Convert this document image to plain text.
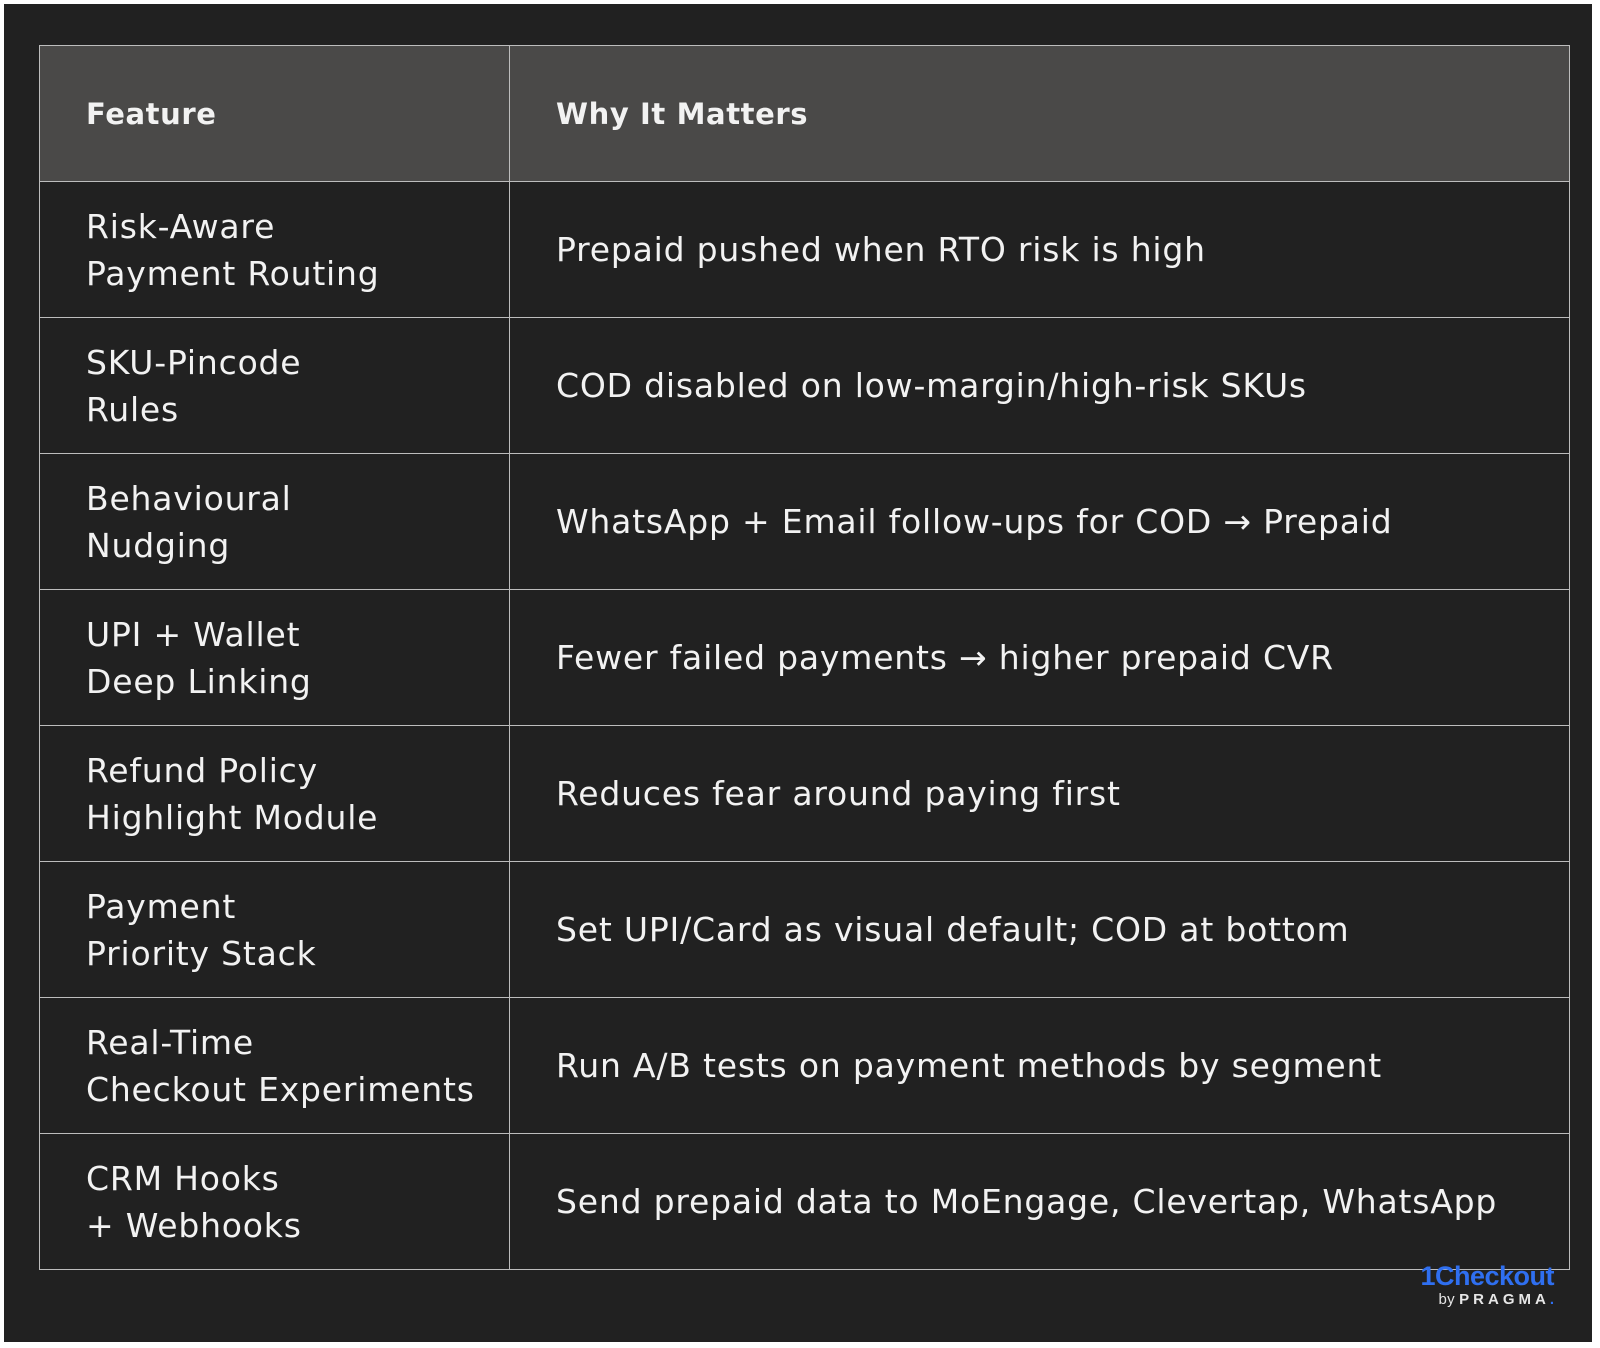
Feature	Why It Matters

Risk-Aware
Payment Routing	Prepaid pushed when RTO risk is high

SKU-Pincode
Rules	COD disabled on low-margin/high-risk SKUs

Behavioural
Nudging	WhatsApp + Email follow-ups for COD → Prepaid

UPI + Wallet
Deep Linking	Fewer failed payments → higher prepaid CVR

Refund Policy
Highlight Module	Reduces fear around paying first

Payment
Priority Stack	Set UPI/Card as visual default; COD at bottom

Real-Time
Checkout Experiments	Run A/B tests on payment methods by segment

CRM Hooks
+ Webhooks	Send prepaid data to MoEngage, Clevertap, WhatsApp
1Checkout
by PRAGMA.
